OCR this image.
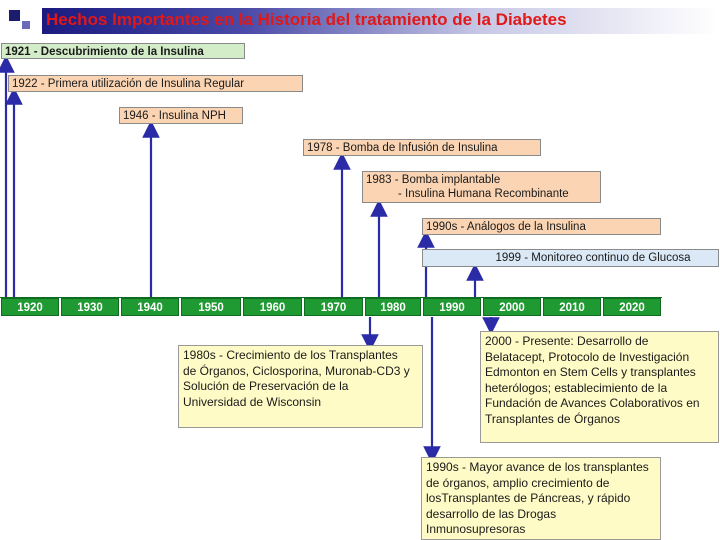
Hechos Importantes en la Historia del tratamiento de la Diabetes
1921 - Descubrimiento de la Insulina
1922 - Primera utilización de Insulina Regular
1946 - Insulina NPH
1978 - Bomba de Infusión de Insulina
1983 - Bomba implantable
- Insulina Humana Recombinante
1990s - Análogos de la Insulina
1999 - Monitoreo continuo de Glucosa
1920	1930	1940	1950	1960	1970	1980	1990	2000	2010	2020
1980s - Crecimiento de los Transplantes
de Órganos, Ciclosporina, Muronab-CD3 y
Solución de Preservación de la
Universidad de Wisconsin
2000 - Presente: Desarrollo de
Belatacept, Protocolo de Investigación
Edmonton en Stem Cells y transplantes
heterólogos; establecimiento de la
Fundación de Avances Colaborativos en
Transplantes de Órganos
1990s - Mayor avance de los transplantes
de órganos, amplio crecimiento de
losTransplantes de Páncreas, y rápido
desarrollo de las Drogas
Inmunosupresoras
